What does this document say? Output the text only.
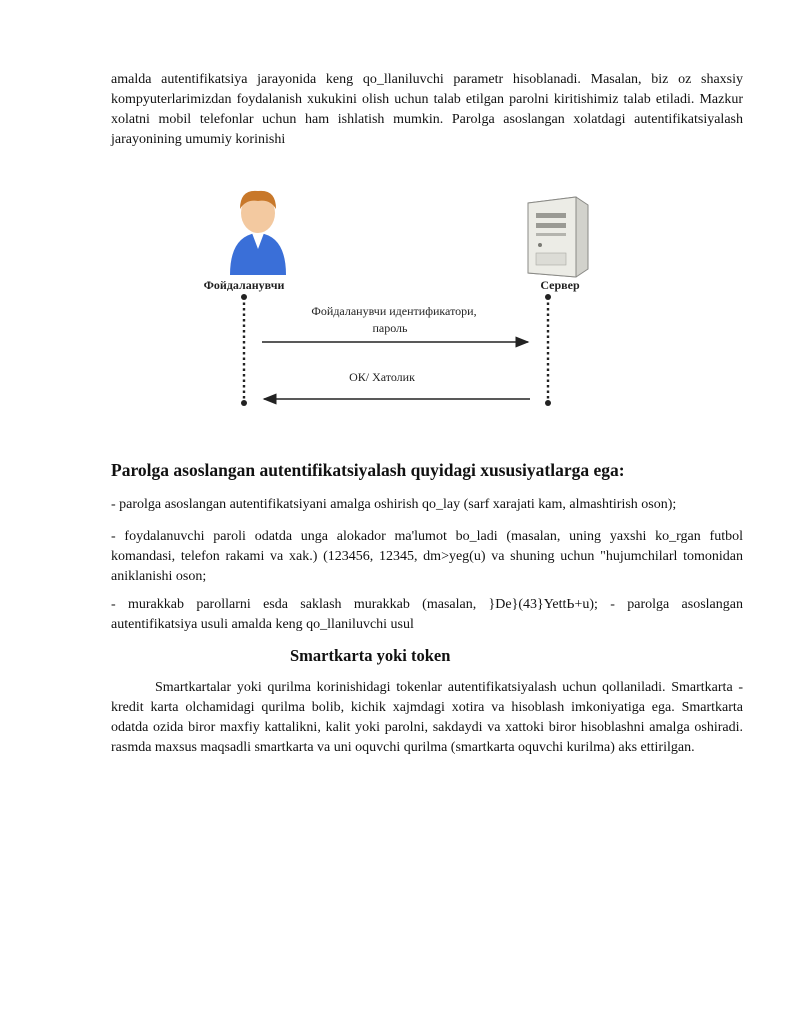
amalda autentifikatsiya jarayonida keng qo_llaniluvchi parametr hisoblanadi. Masalan, biz oz shaxsiy kompyuterlarimizdan foydalanish xukukini olish uchun talab etilgan parolni kiritishimiz talab etiladi. Mazkur xolatni mobil telefonlar uchun ham ishlatish mumkin. Parolga asoslangan xolatdagi autentifikatsiyalash jarayonining umumiy korinishi

Фойдаланувчи	Сервер
Фойдаланувчи идентификатори,
пароль
ОК/ Хатолик
Parolga asoslangan autentifikatsiyalash quyidagi xususiyatlarga ega:

- parolga asoslangan autentifikatsiyani amalga oshirish qo_lay (sarf xarajati kam, almashtirish oson);

- foydalanuvchi paroli odatda unga alokador ma'lumot bo_ladi (masalan, uning yaxshi ko_rgan futbol komandasi, telefon rakami va xak.) (123456, 12345, dm>yeg(u) va shuning uchun "hujumchilarl tomonidan aniklanishi oson;

- murakkab parollarni esda saklash murakkab (masalan, }De}(43}YettЬ+u); - parolga asoslangan autentifikatsiya usuli amalda keng qo_llaniluvchi usul

Smartkarta yoki token

Smartkartalar yoki qurilma korinishidagi tokenlar autentifikatsiyalash uchun qollaniladi. Smartkarta - kredit karta olchamidagi qurilma bolib, kichik xajmdagi xotira va hisoblash imkoniyatiga ega. Smartkarta odatda ozida biror maxfiy kattalikni, kalit yoki parolni, sakdaydi va xattoki biror hisoblashni amalga oshiradi. rasmda maxsus maqsadli smartkarta va uni oquvchi qurilma (smartkarta oquvchi kurilma) aks ettirilgan.
